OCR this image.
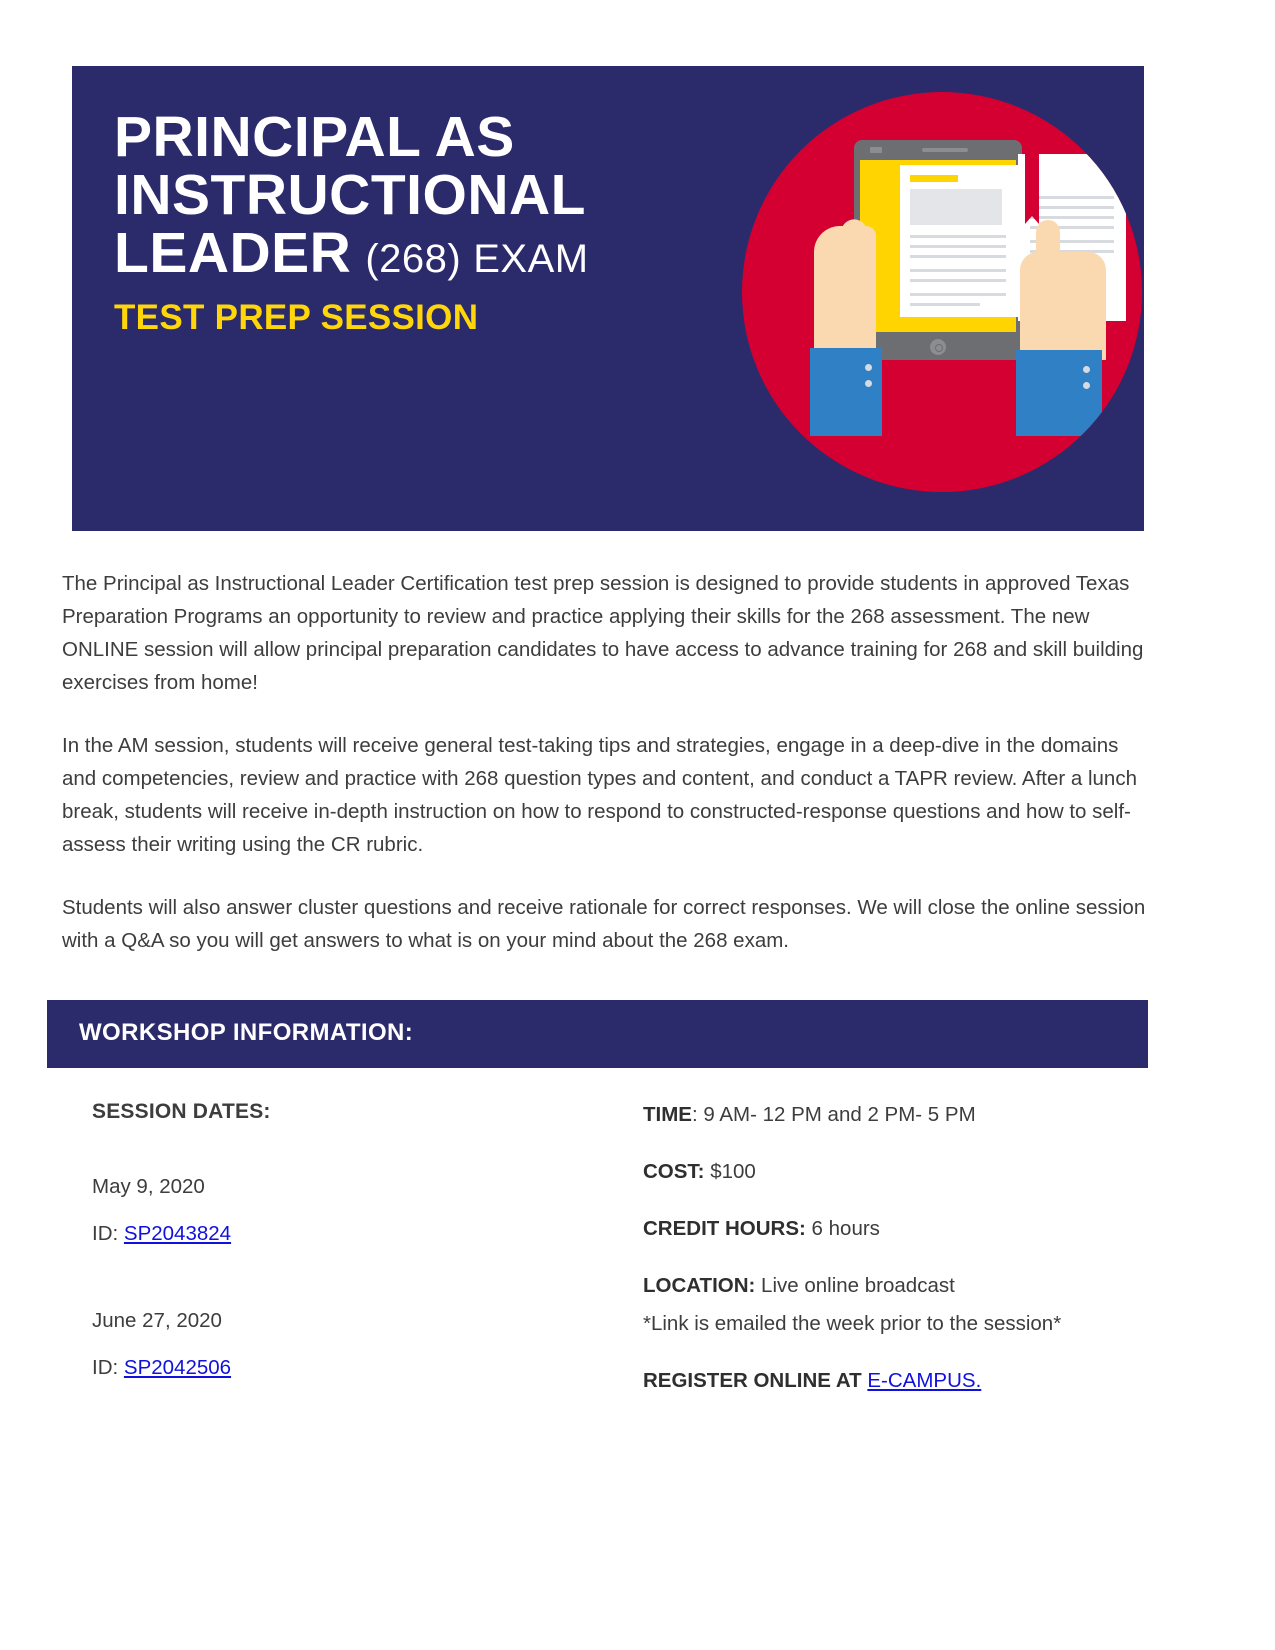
PRINCIPAL AS
INSTRUCTIONAL
LEADER (268) EXAM
TEST PREP SESSION

The Principal as Instructional Leader Certification test prep session is designed to provide students in approved Texas Preparation Programs an opportunity to review and practice applying their skills for the 268 assessment. The new ONLINE session will allow principal preparation candidates to have access to advance training for 268 and skill building exercises from home!

In the AM session, students will receive general test-taking tips and strategies, engage in a deep-dive in the domains and competencies, review and practice with 268 question types and content, and conduct a TAPR review. After a lunch break, students will receive in-depth instruction on how to respond to constructed-response questions and how to self-assess their writing using the CR rubric.

Students will also answer cluster questions and receive rationale for correct responses. We will close the online session with a Q&A so you will get answers to what is on your mind about the 268 exam.

WORKSHOP INFORMATION:
SESSION DATES:
May 9, 2020
ID: SP2043824
June 27, 2020
ID: SP2042506
TIME: 9 AM- 12 PM and 2 PM- 5 PM
COST: $100
CREDIT HOURS: 6 hours
LOCATION: Live online broadcast
*Link is emailed the week prior to the session*
REGISTER ONLINE AT E-CAMPUS.
